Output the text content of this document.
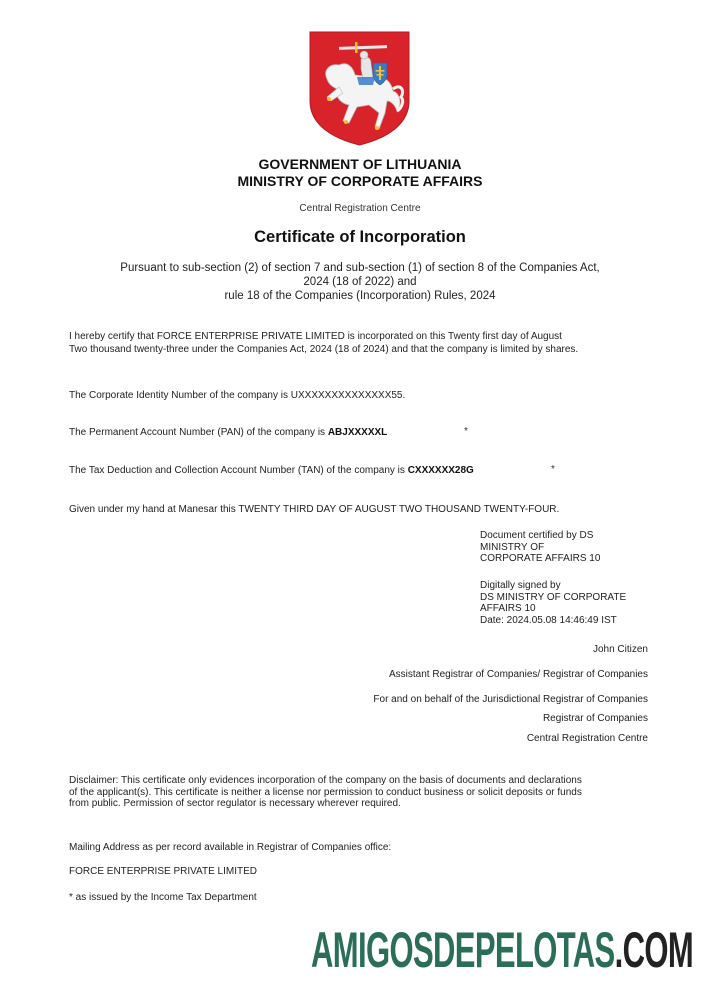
GOVERNMENT OF LITHUANIA
MINISTRY OF CORPORATE AFFAIRS
Central Registration Centre
Certificate of Incorporation
Pursuant to sub-section (2) of section 7 and sub-section (1) of section 8 of the Companies Act,
2024 (18 of 2022) and
rule 18 of the Companies (Incorporation) Rules, 2024
I hereby certify that FORCE ENTERPRISE PRIVATE LIMITED is incorporated on this Twenty first day of August
Two thousand twenty-three under the Companies Act, 2024 (18 of 2024) and that the company is limited by shares.
The Corporate Identity Number of the company is UXXXXXXXXXXXXXX55.
The Permanent Account Number (PAN) of the company is ABJXXXXXL	*
The Tax Deduction and Collection Account Number (TAN) of the company is CXXXXXX28G	*
Given under my hand at Manesar this TWENTY THIRD DAY OF AUGUST TWO THOUSAND TWENTY-FOUR.
Document certified by DS
MINISTRY OF
CORPORATE AFFAIRS 10
Digitally signed by
DS MINISTRY OF CORPORATE
AFFAIRS 10
Date: 2024.05.08 14:46:49 IST
John Citizen
Assistant Registrar of Companies/ Registrar of Companies
For and on behalf of the Jurisdictional Registrar of Companies
Registrar of Companies
Central Registration Centre
Disclaimer: This certificate only evidences incorporation of the company on the basis of documents and declarations
of the applicant(s). This certificate is neither a license nor permission to conduct business or solicit deposits or funds
from public. Permission of sector regulator is necessary wherever required.
Mailing Address as per record available in Registrar of Companies office:
FORCE ENTERPRISE PRIVATE LIMITED
* as issued by the Income Tax Department
AMIGOSDEPELOTAS.COM
